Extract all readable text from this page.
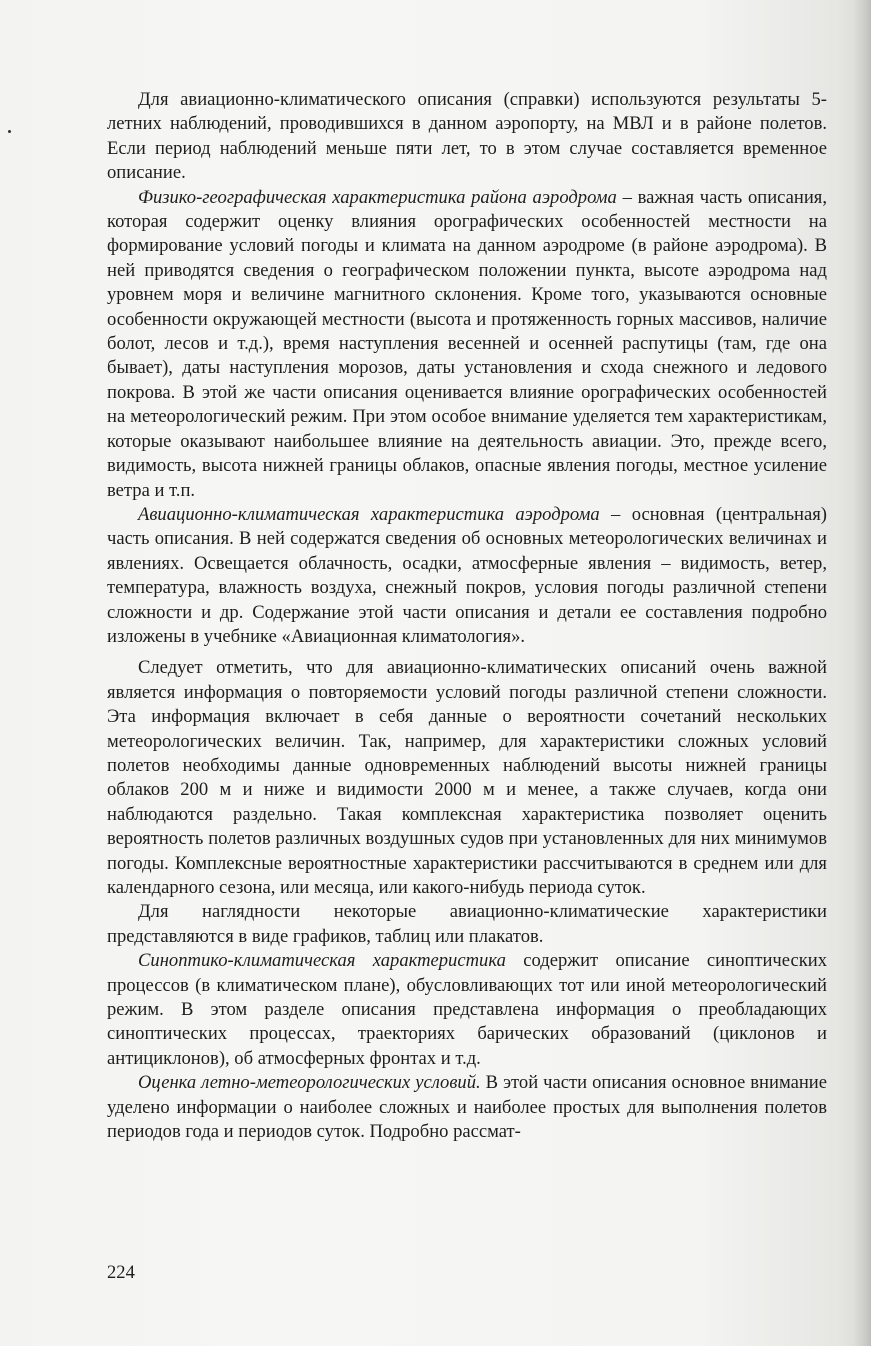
Для авиационно-климатического описания (справки) используются результаты 5-летних наблюдений, проводившихся в данном аэропорту, на МВЛ и в районе полетов. Если период наблюдений меньше пяти лет, то в этом случае составляется временное описание.

Физико-географическая характеристика района аэродрома – важная часть описания, которая содержит оценку влияния орографических особенностей местности на формирование условий погоды и климата на данном аэродроме (в районе аэродрома). В ней приводятся сведения о географическом положении пункта, высоте аэродрома над уровнем моря и величине магнитного склонения. Кроме того, указываются основные особенности окружающей местности (высота и протяженность горных массивов, наличие болот, лесов и т.д.), время наступления весенней и осенней распутицы (там, где она бывает), даты наступления морозов, даты установления и схода снежного и ледового покрова. В этой же части описания оценивается влияние орографических особенностей на метеорологический режим. При этом особое внимание уделяется тем характеристикам, которые оказывают наибольшее влияние на деятельность авиации. Это, прежде всего, видимость, высота нижней границы облаков, опасные явления погоды, местное усиление ветра и т.п.

Авиационно-климатическая характеристика аэродрома – основная (центральная) часть описания. В ней содержатся сведения об основных метеорологических величинах и явлениях. Освещается облачность, осадки, атмосферные явления – видимость, ветер, температура, влажность воздуха, снежный покров, условия погоды различной степени сложности и др. Содержание этой части описания и детали ее составления подробно изложены в учебнике «Авиационная климатология».

Следует отметить, что для авиационно-климатических описаний очень важной является информация о повторяемости условий погоды различной степени сложности. Эта информация включает в себя данные о вероятности сочетаний нескольких метеорологических величин. Так, например, для характеристики сложных условий полетов необходимы данные одновременных наблюдений высоты нижней границы облаков 200 м и ниже и видимости 2000 м и менее, а также случаев, когда они наблюдаются раздельно. Такая комплексная характеристика позволяет оценить вероятность полетов различных воздушных судов при установленных для них минимумов погоды. Комплексные вероятностные характеристики рассчитываются в среднем или для календарного сезона, или месяца, или какого-нибудь периода суток.

Для наглядности некоторые авиационно-климатические характеристики представляются в виде графиков, таблиц или плакатов.

Синоптико-климатическая характеристика содержит описание синоптических процессов (в климатическом плане), обусловливающих тот или иной метеорологический режим. В этом разделе описания представлена информация о преобладающих синоптических процессах, траекториях барических образований (циклонов и антициклонов), об атмосферных фронтах и т.д.

Оценка летно-метеорологических условий. В этой части описания основное внимание уделено информации о наиболее сложных и наиболее простых для выполнения полетов периодов года и периодов суток. Подробно рассмат-

224
